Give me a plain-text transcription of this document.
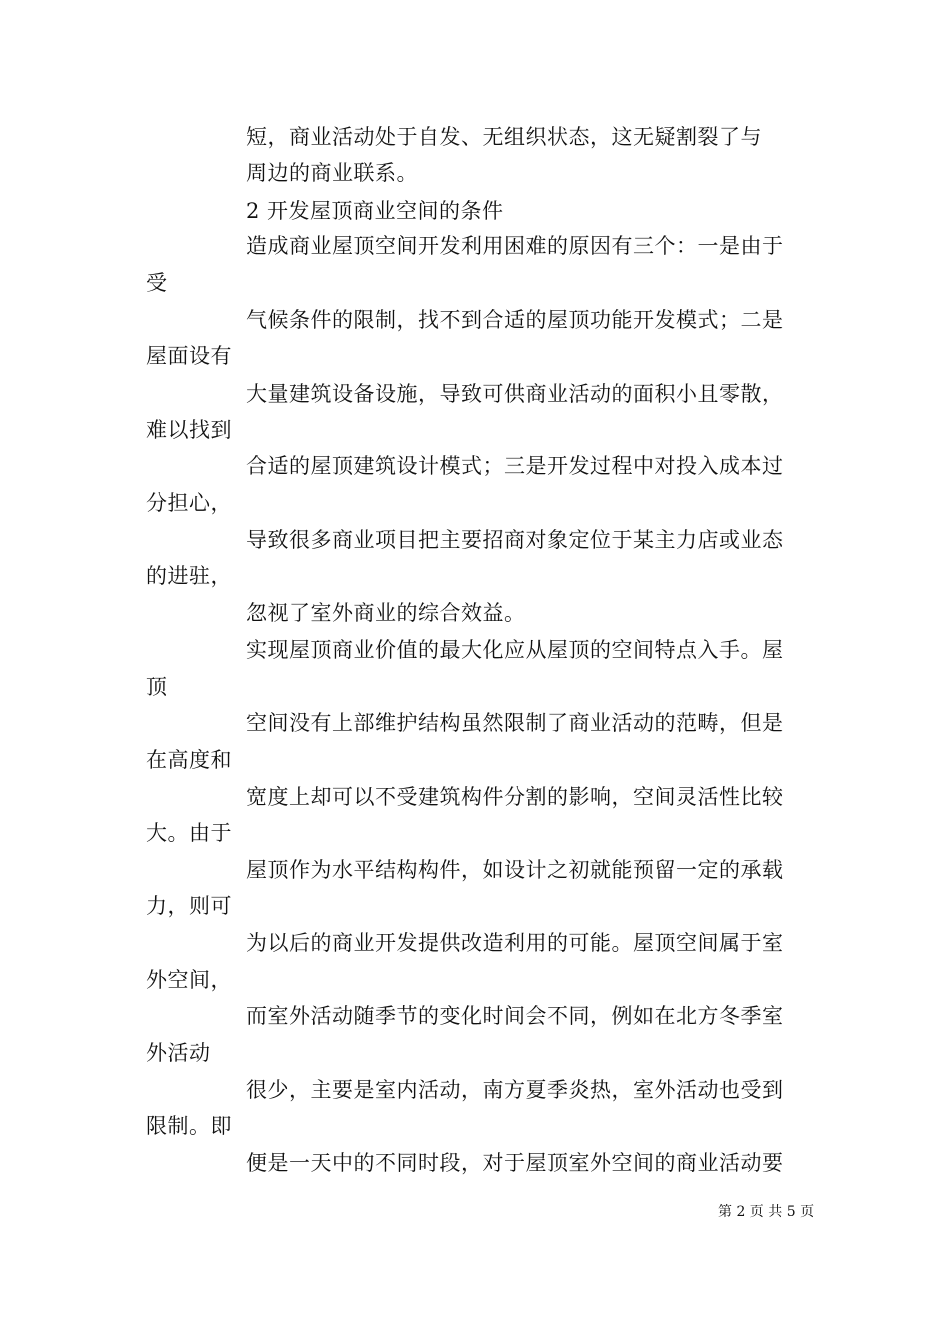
短，商业活动处于自发、无组织状态，这无疑割裂了与
周边的商业联系。
2 开发屋顶商业空间的条件
造成商业屋顶空间开发利用困难的原因有三个：一是由于
受
气候条件的限制，找不到合适的屋顶功能开发模式；二是
屋面设有
大量建筑设备设施，导致可供商业活动的面积小且零散，
难以找到
合适的屋顶建筑设计模式；三是开发过程中对投入成本过
分担心，
导致很多商业项目把主要招商对象定位于某主力店或业态
的进驻，
忽视了室外商业的综合效益。
实现屋顶商业价值的最大化应从屋顶的空间特点入手。屋
顶
空间没有上部维护结构虽然限制了商业活动的范畴，但是
在高度和
宽度上却可以不受建筑构件分割的影响，空间灵活性比较
大。由于
屋顶作为水平结构构件，如设计之初就能预留一定的承载
力，则可
为以后的商业开发提供改造利用的可能。屋顶空间属于室
外空间，
而室外活动随季节的变化时间会不同，例如在北方冬季室
外活动
很少，主要是室内活动，南方夏季炎热，室外活动也受到
限制。即
便是一天中的不同时段，对于屋顶室外空间的商业活动要
第 2 页 共 5 页
